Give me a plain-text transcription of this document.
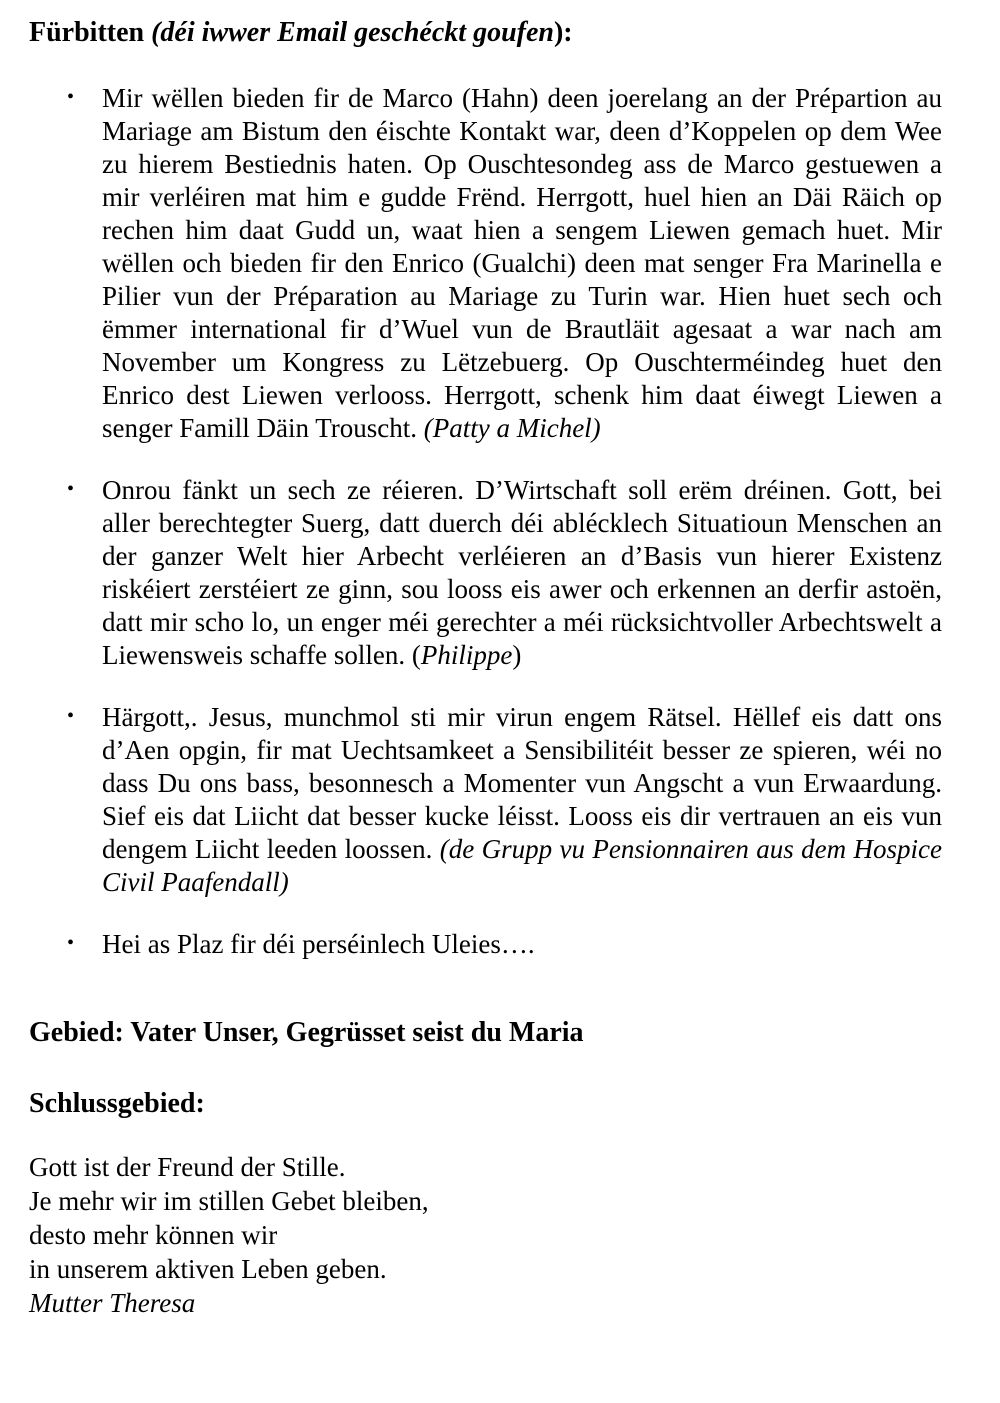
Fürbitten (déi iwwer Email geschéckt goufen):

• Mir wëllen bieden fir de Marco (Hahn) deen joerelang an der Prépartion au Mariage am Bistum den éischte Kontakt war, deen d’Koppelen op dem Wee zu hierem Bestiednis haten. Op Ouschtesondeg ass de Marco gestuewen a mir verléiren mat him e gudde Frënd. Herrgott, huel hien an Däi Räich op rechen him daat Gudd un, waat hien a sengem Liewen gemach huet. Mir wëllen och bieden fir den Enrico (Gualchi) deen mat senger Fra Marinella e Pilier vun der Préparation au Mariage zu Turin war. Hien huet sech och ëmmer international fir d’Wuel vun de Brautläit agesaat a war nach am November um Kongress zu Lëtzebuerg. Op Ouschterméindeg huet den Enrico dest Liewen verlooss. Herrgott, schenk him daat éiwegt Liewen a senger Famill Däin Trouscht. (Patty a Michel)
• Onrou fänkt un sech ze réieren. D’Wirtschaft soll erëm dréinen. Gott, bei aller berechtegter Suerg, datt duerch déi ablécklech Situatioun Menschen an der ganzer Welt hier Arbecht verléieren an d’Basis vun hierer Existenz riskéiert zerstéiert ze ginn, sou looss eis awer och erkennen an derfir astoën, datt mir scho lo, un enger méi gerechter a méi rücksichtvoller Arbechtswelt a Liewensweis schaffe sollen. (Philippe)
• Härgott,. Jesus, munchmol sti mir virun engem Rätsel. Hëllef eis datt ons d’Aen opgin, fir mat Uechtsamkeet a Sensibilitéit besser ze spieren, wéi no dass Du ons bass, besonnesch a Momenter vun Angscht a vun Erwaardung. Sief eis dat Liicht dat besser kucke léisst. Looss eis dir vertrauen an eis vun dengem Liicht leeden loossen. (de Grupp vu Pensionnairen aus dem Hospice Civil Paafendall)
• Hei as Plaz fir déi perséinlech Uleies….

Gebied: Vater Unser, Gegrüsset seist du Maria

Schlussgebied:

Gott ist der Freund der Stille.
Je mehr wir im stillen Gebet bleiben,
desto mehr können wir
in unserem aktiven Leben geben.

Mutter Theresa
